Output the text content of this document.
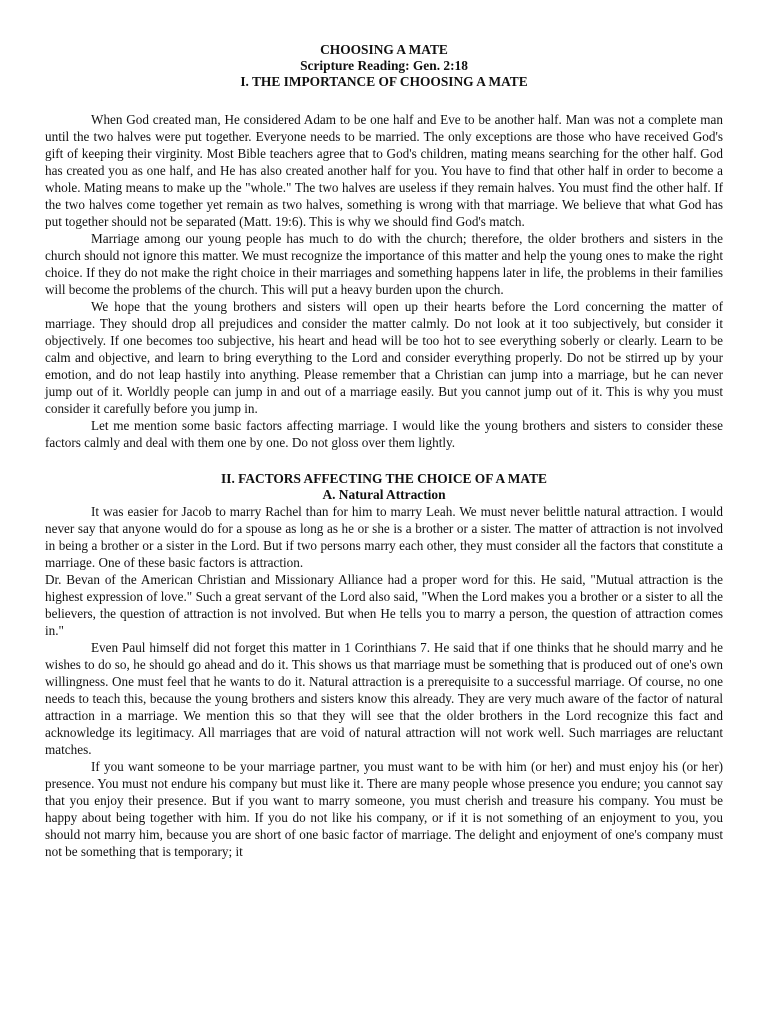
CHOOSING A MATE
Scripture Reading: Gen. 2:18
I. THE IMPORTANCE OF CHOOSING A MATE

When God created man, He considered Adam to be one half and Eve to be another half. Man was not a complete man until the two halves were put together. Everyone needs to be married. The only exceptions are those who have received God's gift of keeping their virginity. Most Bible teachers agree that to God's children, mating means searching for the other half. God has created you as one half, and He has also created another half for you. You have to find that other half in order to become a whole. Mating means to make up the "whole." The two halves are useless if they remain halves. You must find the other half. If the two halves come together yet remain as two halves, something is wrong with that marriage. We believe that what God has put together should not be separated (Matt. 19:6). This is why we should find God's match.

Marriage among our young people has much to do with the church; therefore, the older brothers and sisters in the church should not ignore this matter. We must recognize the importance of this matter and help the young ones to make the right choice. If they do not make the right choice in their marriages and something happens later in life, the problems in their families will become the problems of the church. This will put a heavy burden upon the church.

We hope that the young brothers and sisters will open up their hearts before the Lord concerning the matter of marriage. They should drop all prejudices and consider the matter calmly. Do not look at it too subjectively, but consider it objectively. If one becomes too subjective, his heart and head will be too hot to see everything soberly or clearly. Learn to be calm and objective, and learn to bring everything to the Lord and consider everything properly. Do not be stirred up by your emotion, and do not leap hastily into anything. Please remember that a Christian can jump into a marriage, but he can never jump out of it. Worldly people can jump in and out of a marriage easily. But you cannot jump out of it. This is why you must consider it carefully before you jump in.

Let me mention some basic factors affecting marriage. I would like the young brothers and sisters to consider these factors calmly and deal with them one by one. Do not gloss over them lightly.

II. FACTORS AFFECTING THE CHOICE OF A MATE
A. Natural Attraction

It was easier for Jacob to marry Rachel than for him to marry Leah. We must never belittle natural attraction. I would never say that anyone would do for a spouse as long as he or she is a brother or a sister. The matter of attraction is not involved in being a brother or a sister in the Lord. But if two persons marry each other, they must consider all the factors that constitute a marriage. One of these basic factors is attraction.

Dr. Bevan of the American Christian and Missionary Alliance had a proper word for this. He said, "Mutual attraction is the highest expression of love." Such a great servant of the Lord also said, "When the Lord makes you a brother or a sister to all the believers, the question of attraction is not involved. But when He tells you to marry a person, the question of attraction comes in."

Even Paul himself did not forget this matter in 1 Corinthians 7. He said that if one thinks that he should marry and he wishes to do so, he should go ahead and do it. This shows us that marriage must be something that is produced out of one's own willingness. One must feel that he wants to do it. Natural attraction is a prerequisite to a successful marriage. Of course, no one needs to teach this, because the young brothers and sisters know this already. They are very much aware of the factor of natural attraction in a marriage. We mention this so that they will see that the older brothers in the Lord recognize this fact and acknowledge its legitimacy. All marriages that are void of natural attraction will not work well. Such marriages are reluctant matches.

If you want someone to be your marriage partner, you must want to be with him (or her) and must enjoy his (or her) presence. You must not endure his company but must like it. There are many people whose presence you endure; you cannot say that you enjoy their presence. But if you want to marry someone, you must cherish and treasure his company. You must be happy about being together with him. If you do not like his company, or if it is not something of an enjoyment to you, you should not marry him, because you are short of one basic factor of marriage. The delight and enjoyment of one's company must not be something that is temporary; it
